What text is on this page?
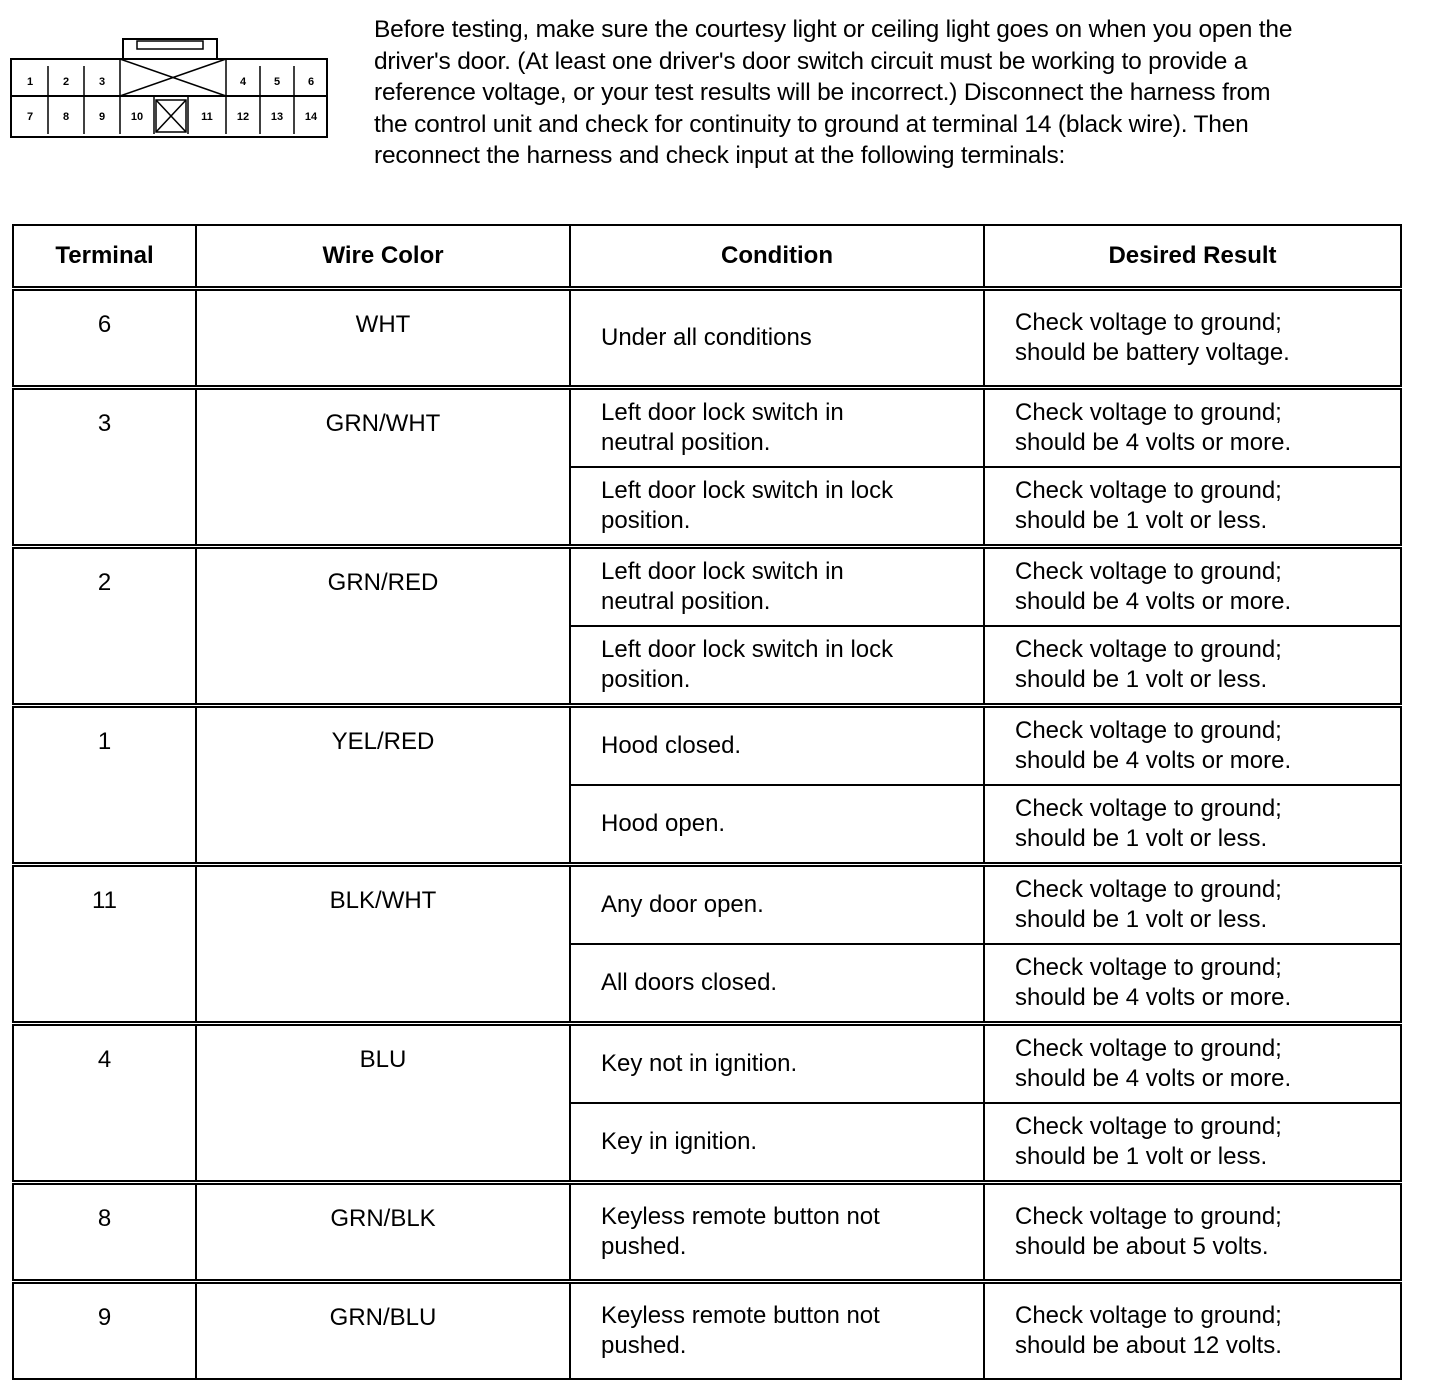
1	2	3	4	5	6
7	8	9 10	11 12 13 14

Before testing, make sure the courtesy light or ceiling light goes on when you open the
driver's door. (At least one driver's door switch circuit must be working to provide a
reference voltage, or your test results will be incorrect.) Disconnect the harness from
the control unit and check for continuity to ground at terminal 14 (black wire). Then
reconnect the harness and check input at the following terminals:

Terminal	Wire Color	Condition	Desired Result
6	WHT	Under all conditions	Check voltage to ground;
should be battery voltage.

3	GRN/WHT	Left door lock switch in
neutral position.	Check voltage to ground;
should be 4 volts or more.

		Left door lock switch in lock
position.	Check voltage to ground;
should be 1 volt or less.

2	GRN/RED	Left door lock switch in
neutral position.	Check voltage to ground;
should be 4 volts or more.

		Left door lock switch in lock
position.	Check voltage to ground;
should be 1 volt or less.

1	YEL/RED	Hood closed.	Check voltage to ground;
should be 4 volts or more.

		Hood open.	Check voltage to ground;
should be 1 volt or less.

11	BLK/WHT	Any door open.	Check voltage to ground;
should be 1 volt or less.

		All doors closed.	Check voltage to ground;
should be 4 volts or more.

4	BLU	Key not in ignition.	Check voltage to ground;
should be 4 volts or more.

		Key in ignition.	Check voltage to ground;
should be 1 volt or less.

8	GRN/BLK	Keyless remote button not
pushed.	Check voltage to ground;
should be about 5 volts.

9	GRN/BLU	Keyless remote button not
pushed.	Check voltage to ground;
should be about 12 volts.
